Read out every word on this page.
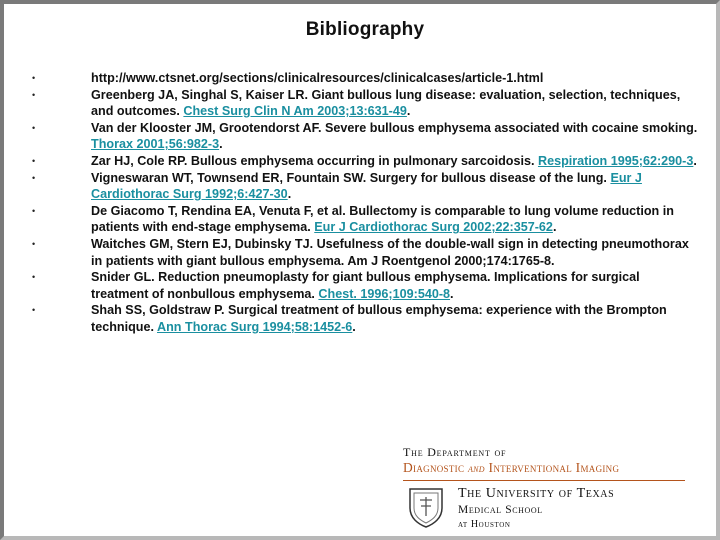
Bibliography
•	http://www.ctsnet.org/sections/clinicalresources/clinicalcases/article-1.html
•	Greenberg JA, Singhal S, Kaiser LR. Giant bullous lung disease: evaluation, selection, techniques, and outcomes. Chest Surg Clin N Am 2003;13:631-49.
•	Van der Klooster JM, Grootendorst AF. Severe bullous emphysema associated with cocaine smoking. Thorax 2001;56:982-3.
•	Zar HJ, Cole RP. Bullous emphysema occurring in pulmonary sarcoidosis. Respiration 1995;62:290-3.
•	Vigneswaran WT, Townsend ER, Fountain SW. Surgery for bullous disease of the lung. Eur J Cardiothorac Surg 1992;6:427-30.
•	De Giacomo T, Rendina EA, Venuta F, et al. Bullectomy is comparable to lung volume reduction in patients with end-stage emphysema. Eur J Cardiothorac Surg 2002;22:357-62.
•	Waitches GM, Stern EJ, Dubinsky TJ. Usefulness of the double-wall sign in detecting pneumothorax in patients with giant bullous emphysema. Am J Roentgenol 2000;174:1765-8.
•	Snider GL. Reduction pneumoplasty for giant bullous emphysema. Implications for surgical treatment of nonbullous emphysema. Chest. 1996;109:540-8.
•	Shah SS, Goldstraw P. Surgical treatment of bullous emphysema: experience with the Brompton technique. Ann Thorac Surg 1994;58:1452-6.
The Department of
Diagnostic and Interventional Imaging
The University of Texas
Medical School
at Houston
